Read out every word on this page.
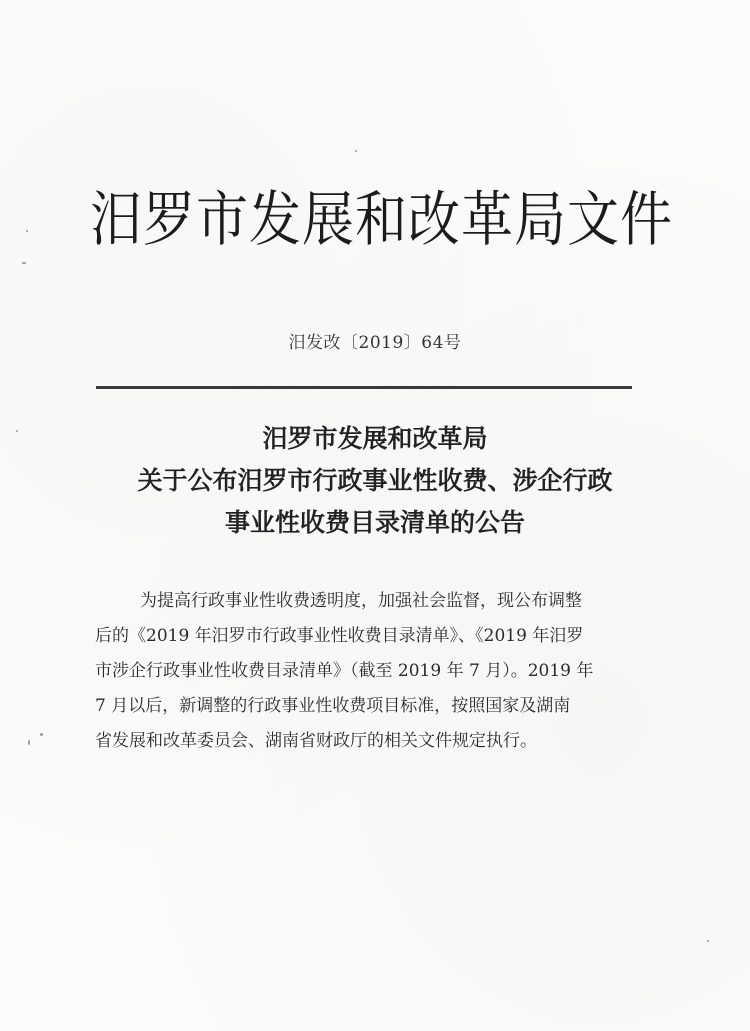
汨罗市发展和改革局文件
汨发改〔2019〕64号
汨罗市发展和改革局
关于公布汨罗市行政事业性收费、涉企行政
事业性收费目录清单的公告
为提高行政事业性收费透明度，加强社会监督，现公布调整
后的《2019 年汨罗市行政事业性收费目录清单》、《2019 年汨罗
市涉企行政事业性收费目录清单》（截至 2019 年 7 月）。2019 年
7 月以后，新调整的行政事业性收费项目标准，按照国家及湖南
省发展和改革委员会、湖南省财政厅的相关文件规定执行。
